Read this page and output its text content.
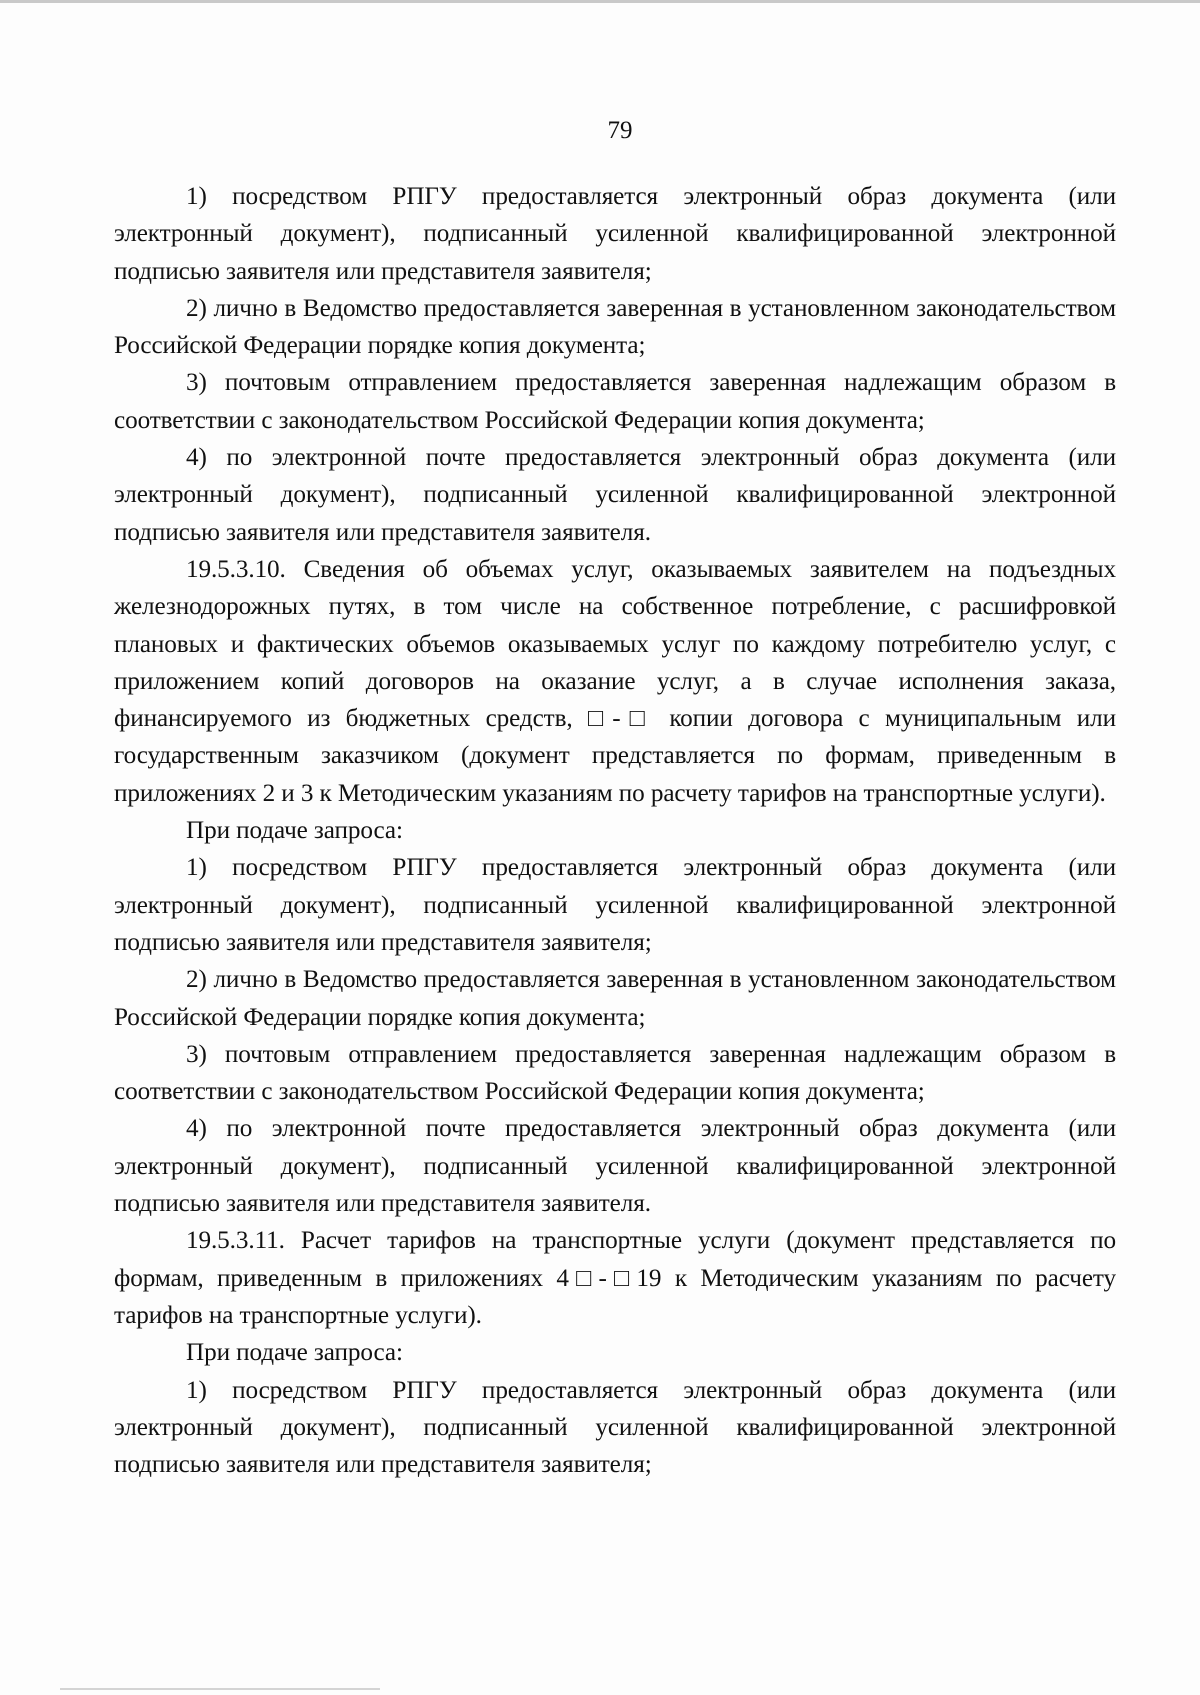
79

1) посредством РПГУ предоставляется электронный образ документа (или электронный документ), подписанный усиленной квалифицированной электронной подписью заявителя или представителя заявителя;

2) лично в Ведомство предоставляется заверенная в установленном законодательством Российской Федерации порядке копия документа;

3) почтовым отправлением предоставляется заверенная надлежащим образом в соответствии с законодательством Российской Федерации копия документа;

4) по электронной почте предоставляется электронный образ документа (или электронный документ), подписанный усиленной квалифицированной электронной подписью заявителя или представителя заявителя.

19.5.3.10. Сведения об объемах услуг, оказываемых заявителем на подъездных железнодорожных путях, в том числе на собственное потребление, с расшифровкой плановых и фактических объемов оказываемых услуг по каждому потребителю услуг, с приложением копий договоров на оказание услуг, а в случае исполнения заказа, финансируемого из бюджетных средств, □-□ копии договора с муниципальным или государственным заказчиком (документ представляется по формам, приведенным в приложениях 2 и 3 к Методическим указаниям по расчету тарифов на транспортные услуги).

При подаче запроса:

1) посредством РПГУ предоставляется электронный образ документа (или электронный документ), подписанный усиленной квалифицированной электронной подписью заявителя или представителя заявителя;

2) лично в Ведомство предоставляется заверенная в установленном законодательством Российской Федерации порядке копия документа;

3) почтовым отправлением предоставляется заверенная надлежащим образом в соответствии с законодательством Российской Федерации копия документа;

4) по электронной почте предоставляется электронный образ документа (или электронный документ), подписанный усиленной квалифицированной электронной подписью заявителя или представителя заявителя.

19.5.3.11. Расчет тарифов на транспортные услуги (документ представляется по формам, приведенным в приложениях 4□-□19 к Методическим указаниям по расчету тарифов на транспортные услуги).

При подаче запроса:

1) посредством РПГУ предоставляется электронный образ документа (или электронный документ), подписанный усиленной квалифицированной электронной подписью заявителя или представителя заявителя;
